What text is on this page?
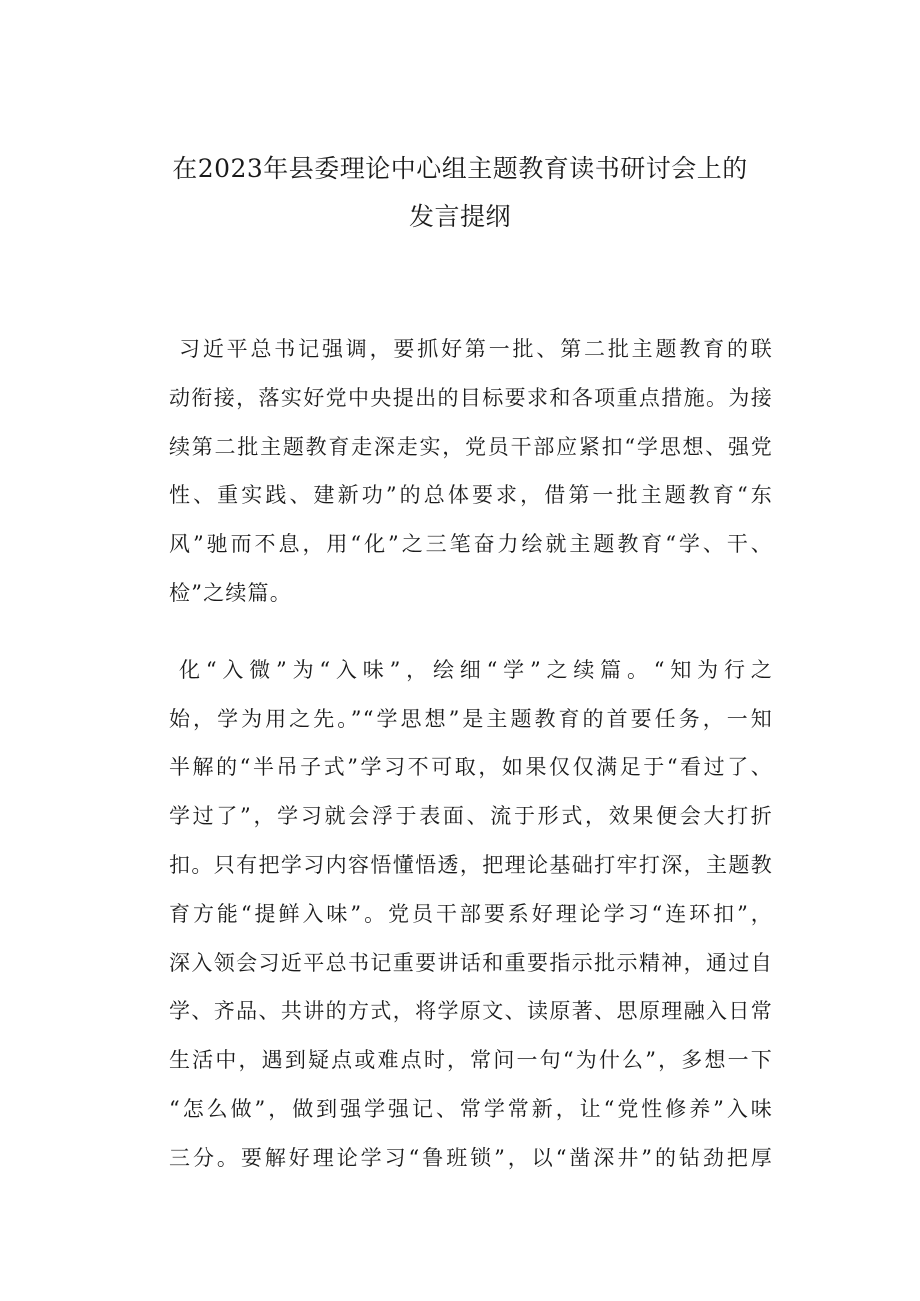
在2023年县委理论中心组主题教育读书研讨会上的
发言提纲

习近平总书记强调，要抓好第一批、第二批主题教育的联
动衔接，落实好党中央提出的目标要求和各项重点措施。为接
续第二批主题教育走深走实，党员干部应紧扣“学思想、强党
性、重实践、建新功”的总体要求，借第一批主题教育“东
风”驰而不息，用“化”之三笔奋力绘就主题教育“学、干、
检”之续篇。

化“入微”为“入味”，绘细“学”之续篇。“知为行之
始，学为用之先。”“学思想”是主题教育的首要任务，一知
半解的“半吊子式”学习不可取，如果仅仅满足于“看过了、
学过了”，学习就会浮于表面、流于形式，效果便会大打折
扣。只有把学习内容悟懂悟透，把理论基础打牢打深，主题教
育方能“提鲜入味”。党员干部要系好理论学习“连环扣”，
深入领会习近平总书记重要讲话和重要指示批示精神，通过自
学、齐品、共讲的方式，将学原文、读原著、思原理融入日常
生活中，遇到疑点或难点时，常问一句“为什么”，多想一下
“怎么做”，做到强学强记、常学常新，让“党性修养”入味
三分。要解好理论学习“鲁班锁”，以“凿深井”的钻劲把厚
